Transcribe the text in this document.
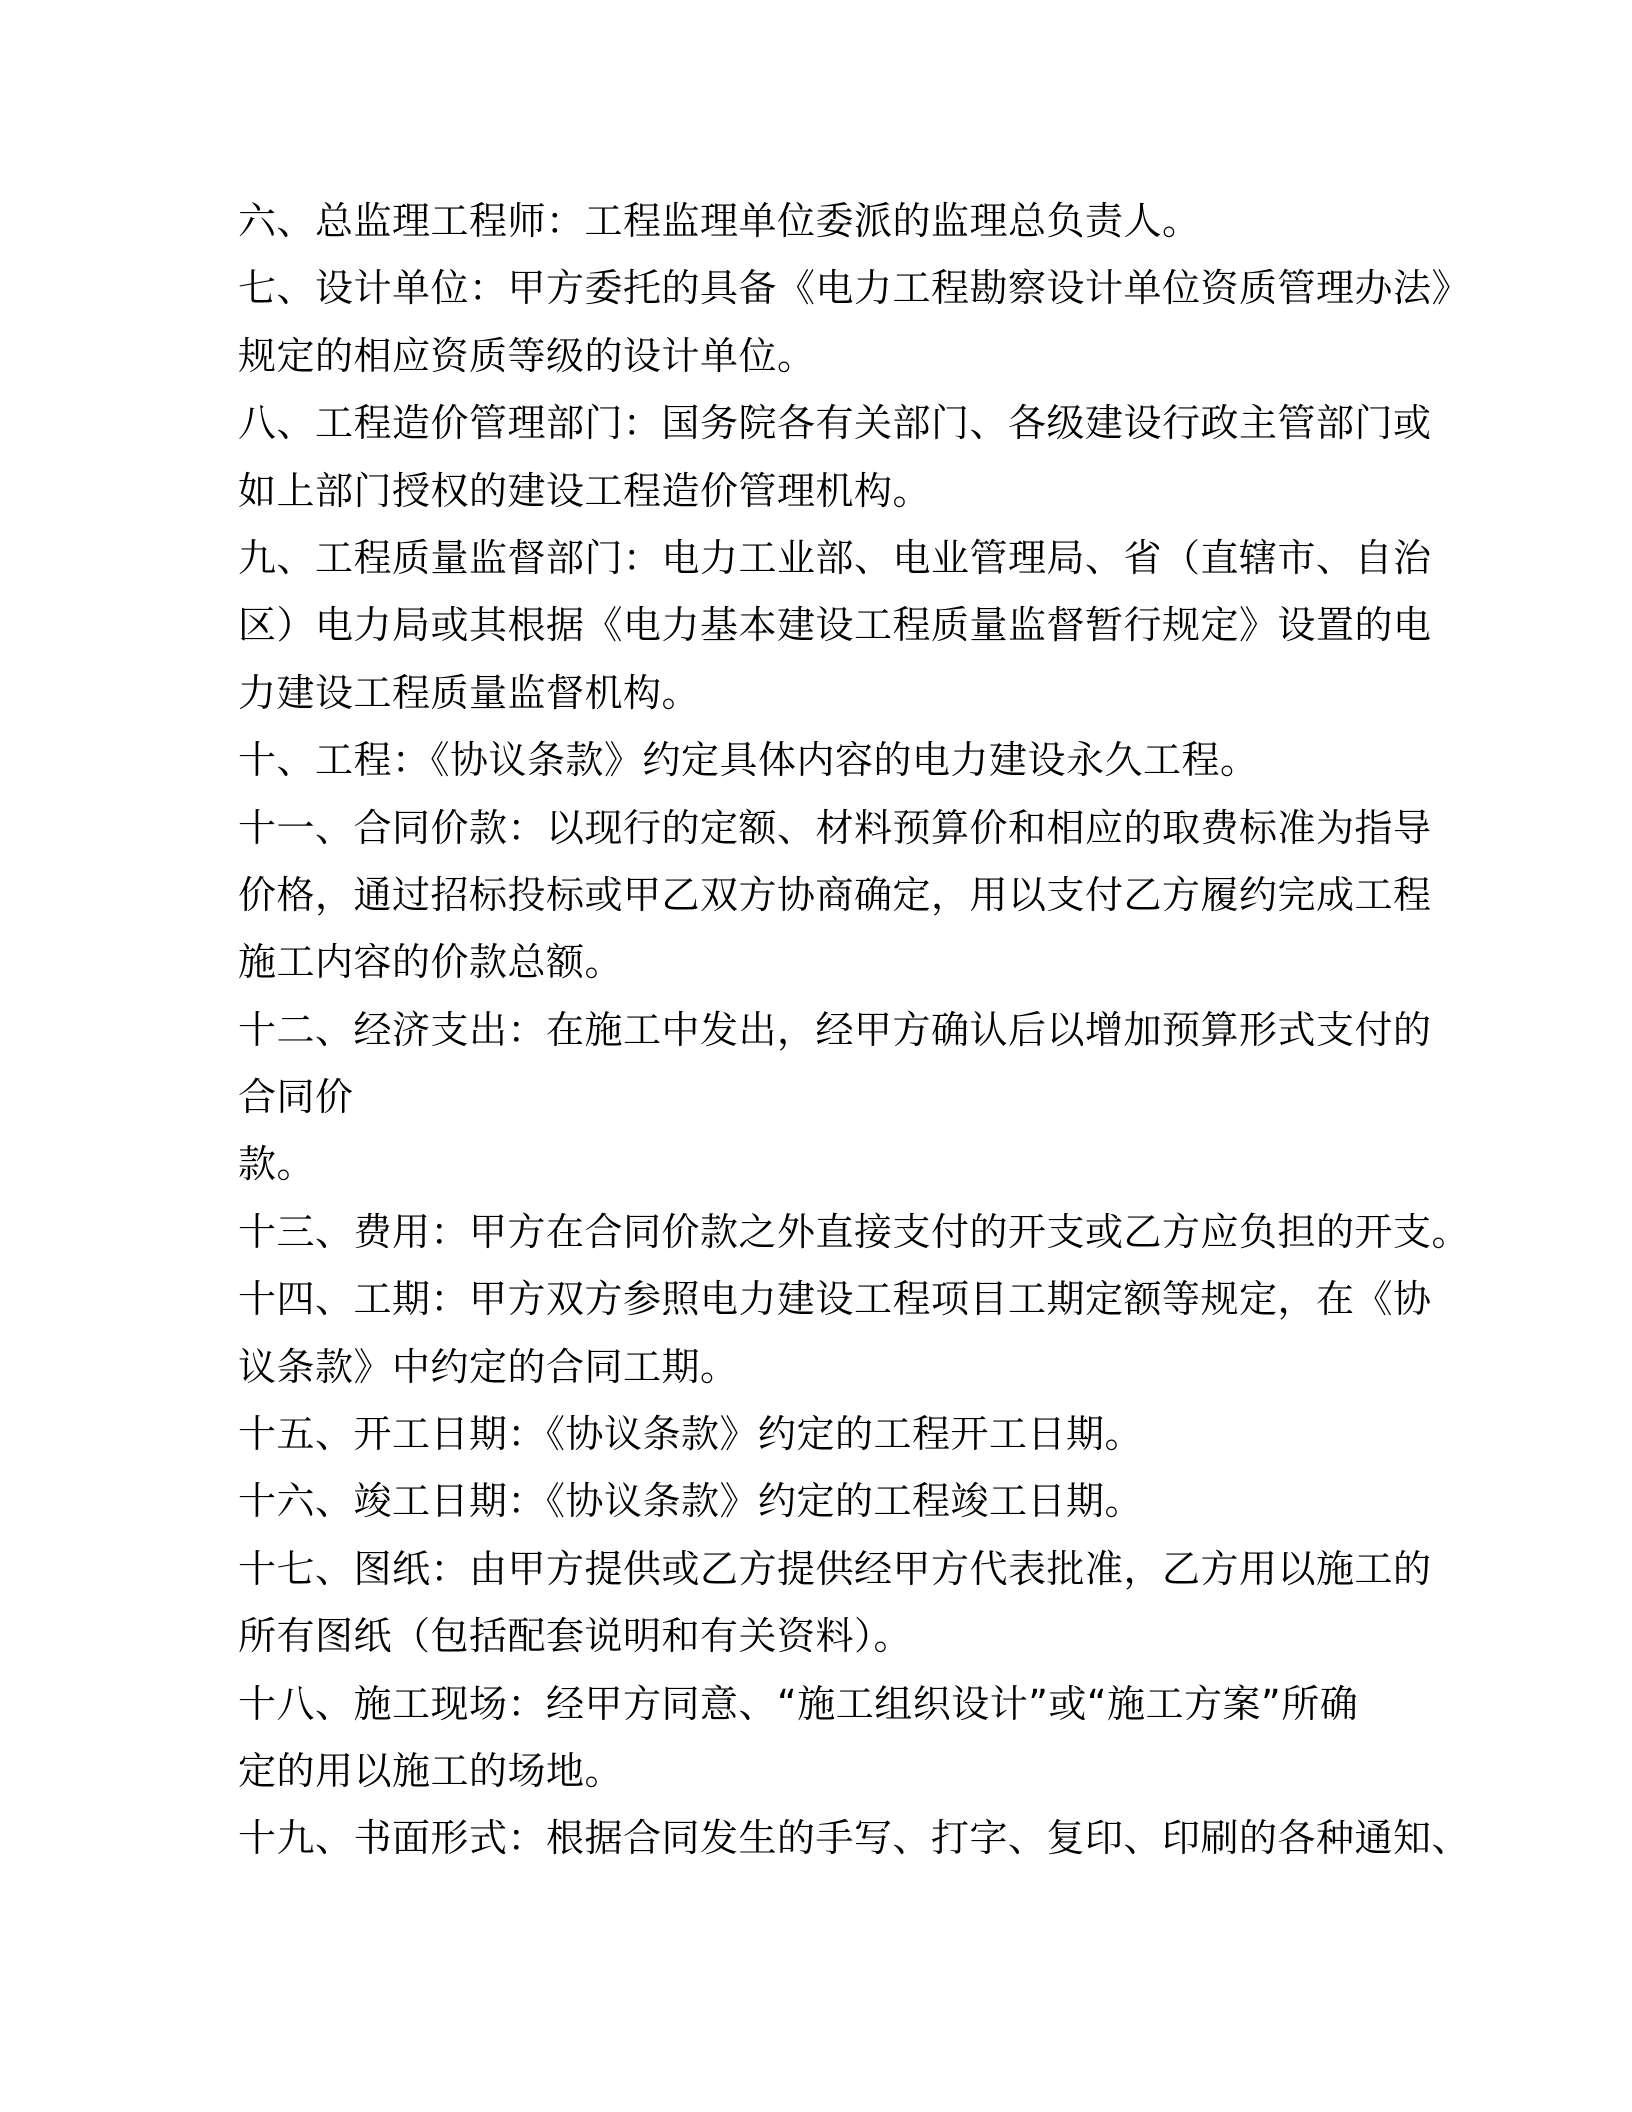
六、总监理工程师：工程监理单位委派的监理总负责人。
七、设计单位：甲方委托的具备《电力工程勘察设计单位资质管理办法》
规定的相应资质等级的设计单位。
八、工程造价管理部门：国务院各有关部门、各级建设行政主管部门或
如上部门授权的建设工程造价管理机构。
九、工程质量监督部门：电力工业部、电业管理局、省（直辖市、自治
区）电力局或其根据《电力基本建设工程质量监督暂行规定》设置的电
力建设工程质量监督机构。
十、工程：《协议条款》约定具体内容的电力建设永久工程。
十一、合同价款：以现行的定额、材料预算价和相应的取费标准为指导
价格，通过招标投标或甲乙双方协商确定，用以支付乙方履约完成工程
施工内容的价款总额。
十二、经济支出：在施工中发出，经甲方确认后以增加预算形式支付的
合同价
款。
十三、费用：甲方在合同价款之外直接支付的开支或乙方应负担的开支。
十四、工期：甲方双方参照电力建设工程项目工期定额等规定，在《协
议条款》中约定的合同工期。
十五、开工日期：《协议条款》约定的工程开工日期。
十六、竣工日期：《协议条款》约定的工程竣工日期。
十七、图纸：由甲方提供或乙方提供经甲方代表批准，乙方用以施工的
所有图纸（包括配套说明和有关资料）。
十八、施工现场：经甲方同意、“施工组织设计”或“施工方案”所确
定的用以施工的场地。
十九、书面形式：根据合同发生的手写、打字、复印、印刷的各种通知、
